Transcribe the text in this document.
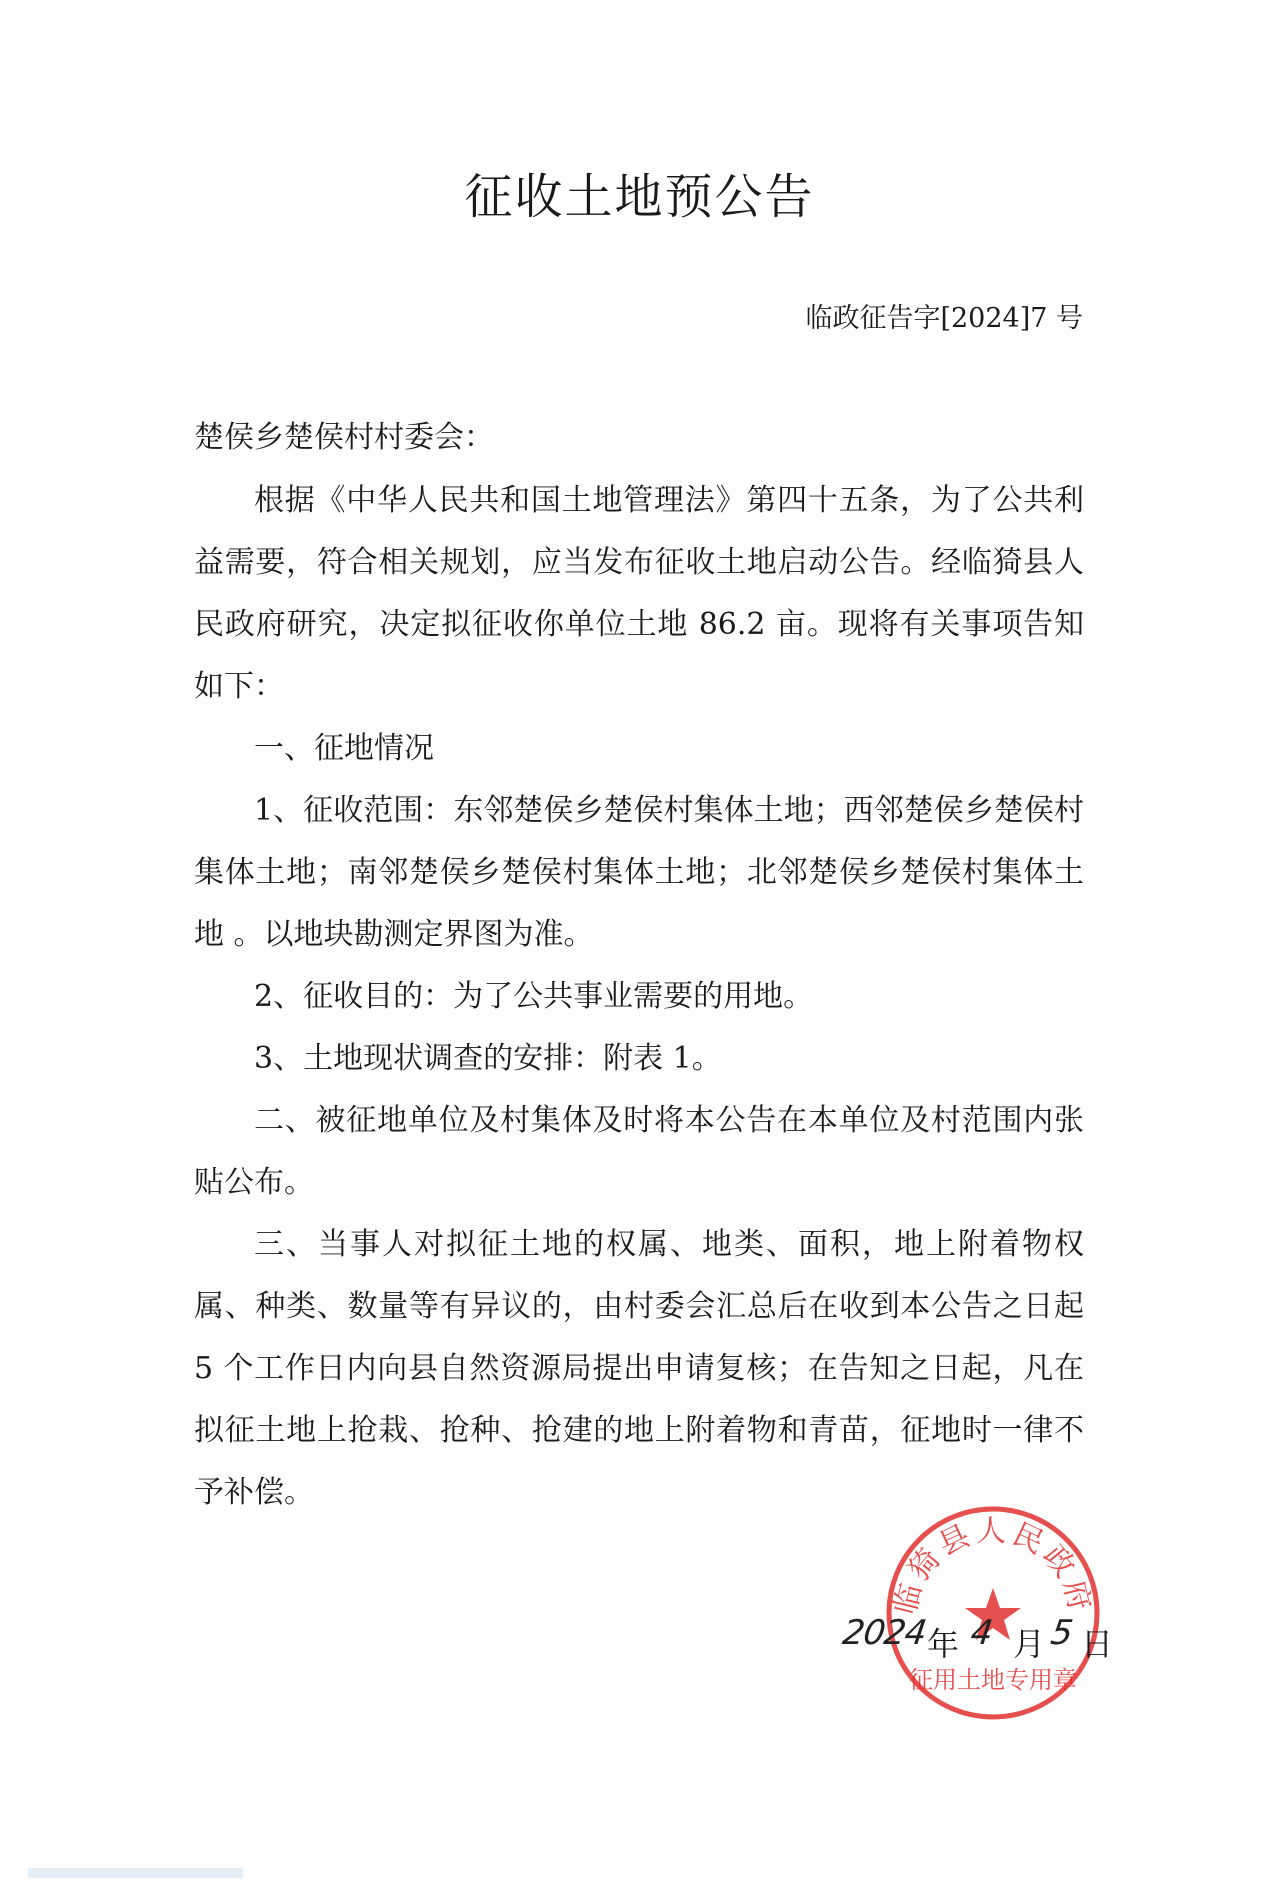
征收土地预公告
临政征告字[2024]7 号
楚侯乡楚侯村村委会：

根据《中华人民共和国土地管理法》第四十五条，为了公共利益需要，符合相关规划，应当发布征收土地启动公告。经临猗县人民政府研究，决定拟征收你单位土地 86.2 亩。现将有关事项告知如下：

一、征地情况

1、征收范围：东邻楚侯乡楚侯村集体土地；西邻楚侯乡楚侯村集体土地；南邻楚侯乡楚侯村集体土地；北邻楚侯乡楚侯村集体土地 。以地块勘测定界图为准。

2、征收目的：为了公共事业需要的用地。

3、土地现状调查的安排：附表 1。

二、被征地单位及村集体及时将本公告在本单位及村范围内张贴公布。

三、当事人对拟征土地的权属、地类、面积，地上附着物权属、种类、数量等有异议的，由村委会汇总后在收到本公告之日起 5 个工作日内向县自然资源局提出申请复核；在告知之日起，凡在拟征土地上抢栽、抢种、抢建的地上附着物和青苗，征地时一律不予补偿。

临猗县人民政府
征用土地专用章
2024
年 4 月 5 日
